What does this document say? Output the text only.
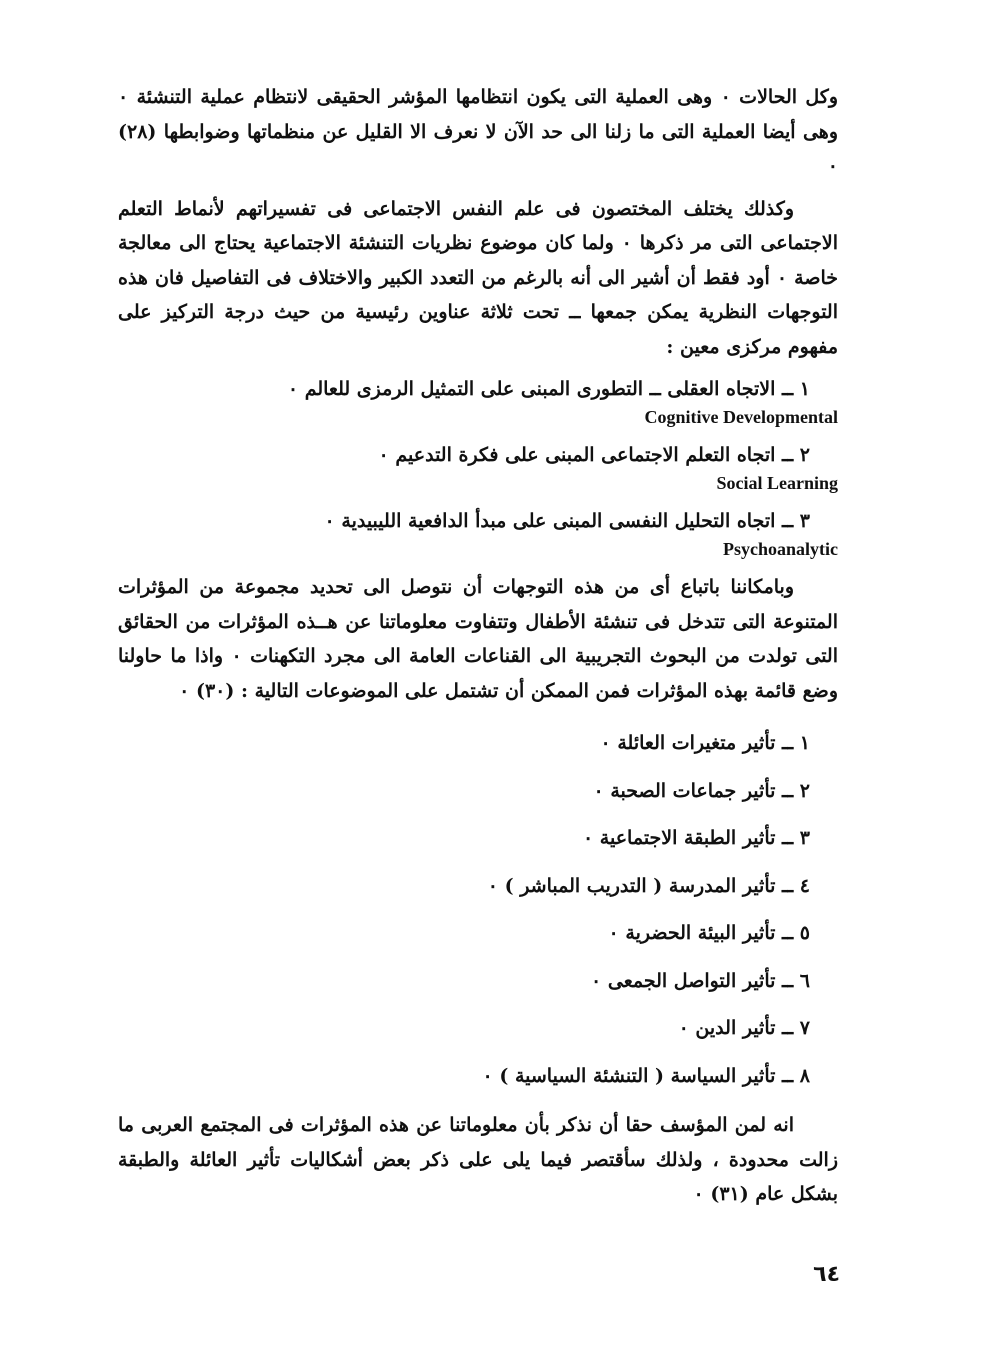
وكل الحالات ٠ وهى العملية التى يكون انتظامها المؤشر الحقيقى لانتظام عملية التنشئة ٠ وهى أيضا العملية التى ما زلنا الى حد الآن لا نعرف الا القليل عن منظماتها وضوابطها (٢٨) ٠

وكذلك يختلف المختصون فى علم النفس الاجتماعى فى تفسيراتهم لأنماط التعلم الاجتماعى التى مر ذكرها ٠ ولما كان موضوع نظريات التنشئة الاجتماعية يحتاج الى معالجة خاصة ٠ أود فقط أن أشير الى أنه بالرغم من التعدد الكبير والاختلاف فى التفاصيل فان هذه التوجهات النظرية يمكن جمعها ــ تحت ثلاثة عناوين رئيسية من حيث درجة التركيز على مفهوم مركزى معين :

١ ــ الاتجاه العقلى ــ التطورى المبنى على التمثيل الرمزى للعالم ٠
Cognitive Developmental
٢ ــ اتجاه التعلم الاجتماعى المبنى على فكرة التدعيم ٠
Social Learning
٣ ــ اتجاه التحليل النفسى المبنى على مبدأ الدافعية الليبيدية ٠
Psychoanalytic

وبامكاننا باتباع أى من هذه التوجهات أن نتوصل الى تحديد مجموعة من المؤثرات المتنوعة التى تتدخل فى تنشئة الأطفال وتتفاوت معلوماتنا عن هــذه المؤثرات من الحقائق التى تولدت من البحوث التجريبية الى القناعات العامة الى مجرد التكهنات ٠ واذا ما حاولنا وضع قائمة بهذه المؤثرات فمن الممكن أن تشتمل على الموضوعات التالية : (٣٠) ٠

١ ــ تأثير متغيرات العائلة ٠
٢ ــ تأثير جماعات الصحبة ٠
٣ ــ تأثير الطبقة الاجتماعية ٠
٤ ــ تأثير المدرسة ( التدريب المباشر ) ٠
٥ ــ تأثير البيئة الحضرية ٠
٦ ــ تأثير التواصل الجمعى ٠
٧ ــ تأثير الدين ٠
٨ ــ تأثير السياسة ( التنشئة السياسية ) ٠

انه لمن المؤسف حقا أن نذكر بأن معلوماتنا عن هذه المؤثرات فى المجتمع العربى ما زالت محدودة ، ولذلك سأقتصر فيما يلى على ذكر بعض أشكاليات تأثير العائلة والطبقة بشكل عام (٣١) ٠

٦٤
